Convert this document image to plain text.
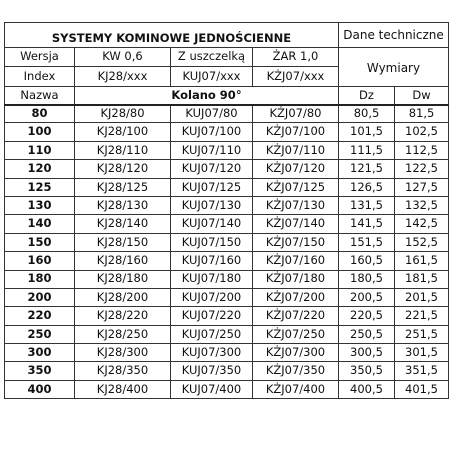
SYSTEMY KOMINOWE JEDNOŚCIENNE				Dane techniczne	
Wersja	KW 0,6	Z uszczelką	ŻAR 1,0	Wymiary	
Index	KJ28/xxx	KUJ07/xxx	KŻJ07/xxx		
Nazwa	Kolano 90°			Dz	Dw
80	KJ28/80	KUJ07/80	KŻJ07/80	80,5	81,5
100	KJ28/100	KUJ07/100	KŻJ07/100	101,5	102,5
110	KJ28/110	KUJ07/110	KŻJ07/110	111,5	112,5
120	KJ28/120	KUJ07/120	KŻJ07/120	121,5	122,5
125	KJ28/125	KUJ07/125	KŻJ07/125	126,5	127,5
130	KJ28/130	KUJ07/130	KŻJ07/130	131,5	132,5
140	KJ28/140	KUJ07/140	KŻJ07/140	141,5	142,5
150	KJ28/150	KUJ07/150	KŻJ07/150	151,5	152,5
160	KJ28/160	KUJ07/160	KŻJ07/160	160,5	161,5
180	KJ28/180	KUJ07/180	KŻJ07/180	180,5	181,5
200	KJ28/200	KUJ07/200	KŻJ07/200	200,5	201,5
220	KJ28/220	KUJ07/220	KŻJ07/220	220,5	221,5
250	KJ28/250	KUJ07/250	KŻJ07/250	250,5	251,5
300	KJ28/300	KUJ07/300	KŻJ07/300	300,5	301,5
350	KJ28/350	KUJ07/350	KŻJ07/350	350,5	351,5
400	KJ28/400	KUJ07/400	KŻJ07/400	400,5	401,5
